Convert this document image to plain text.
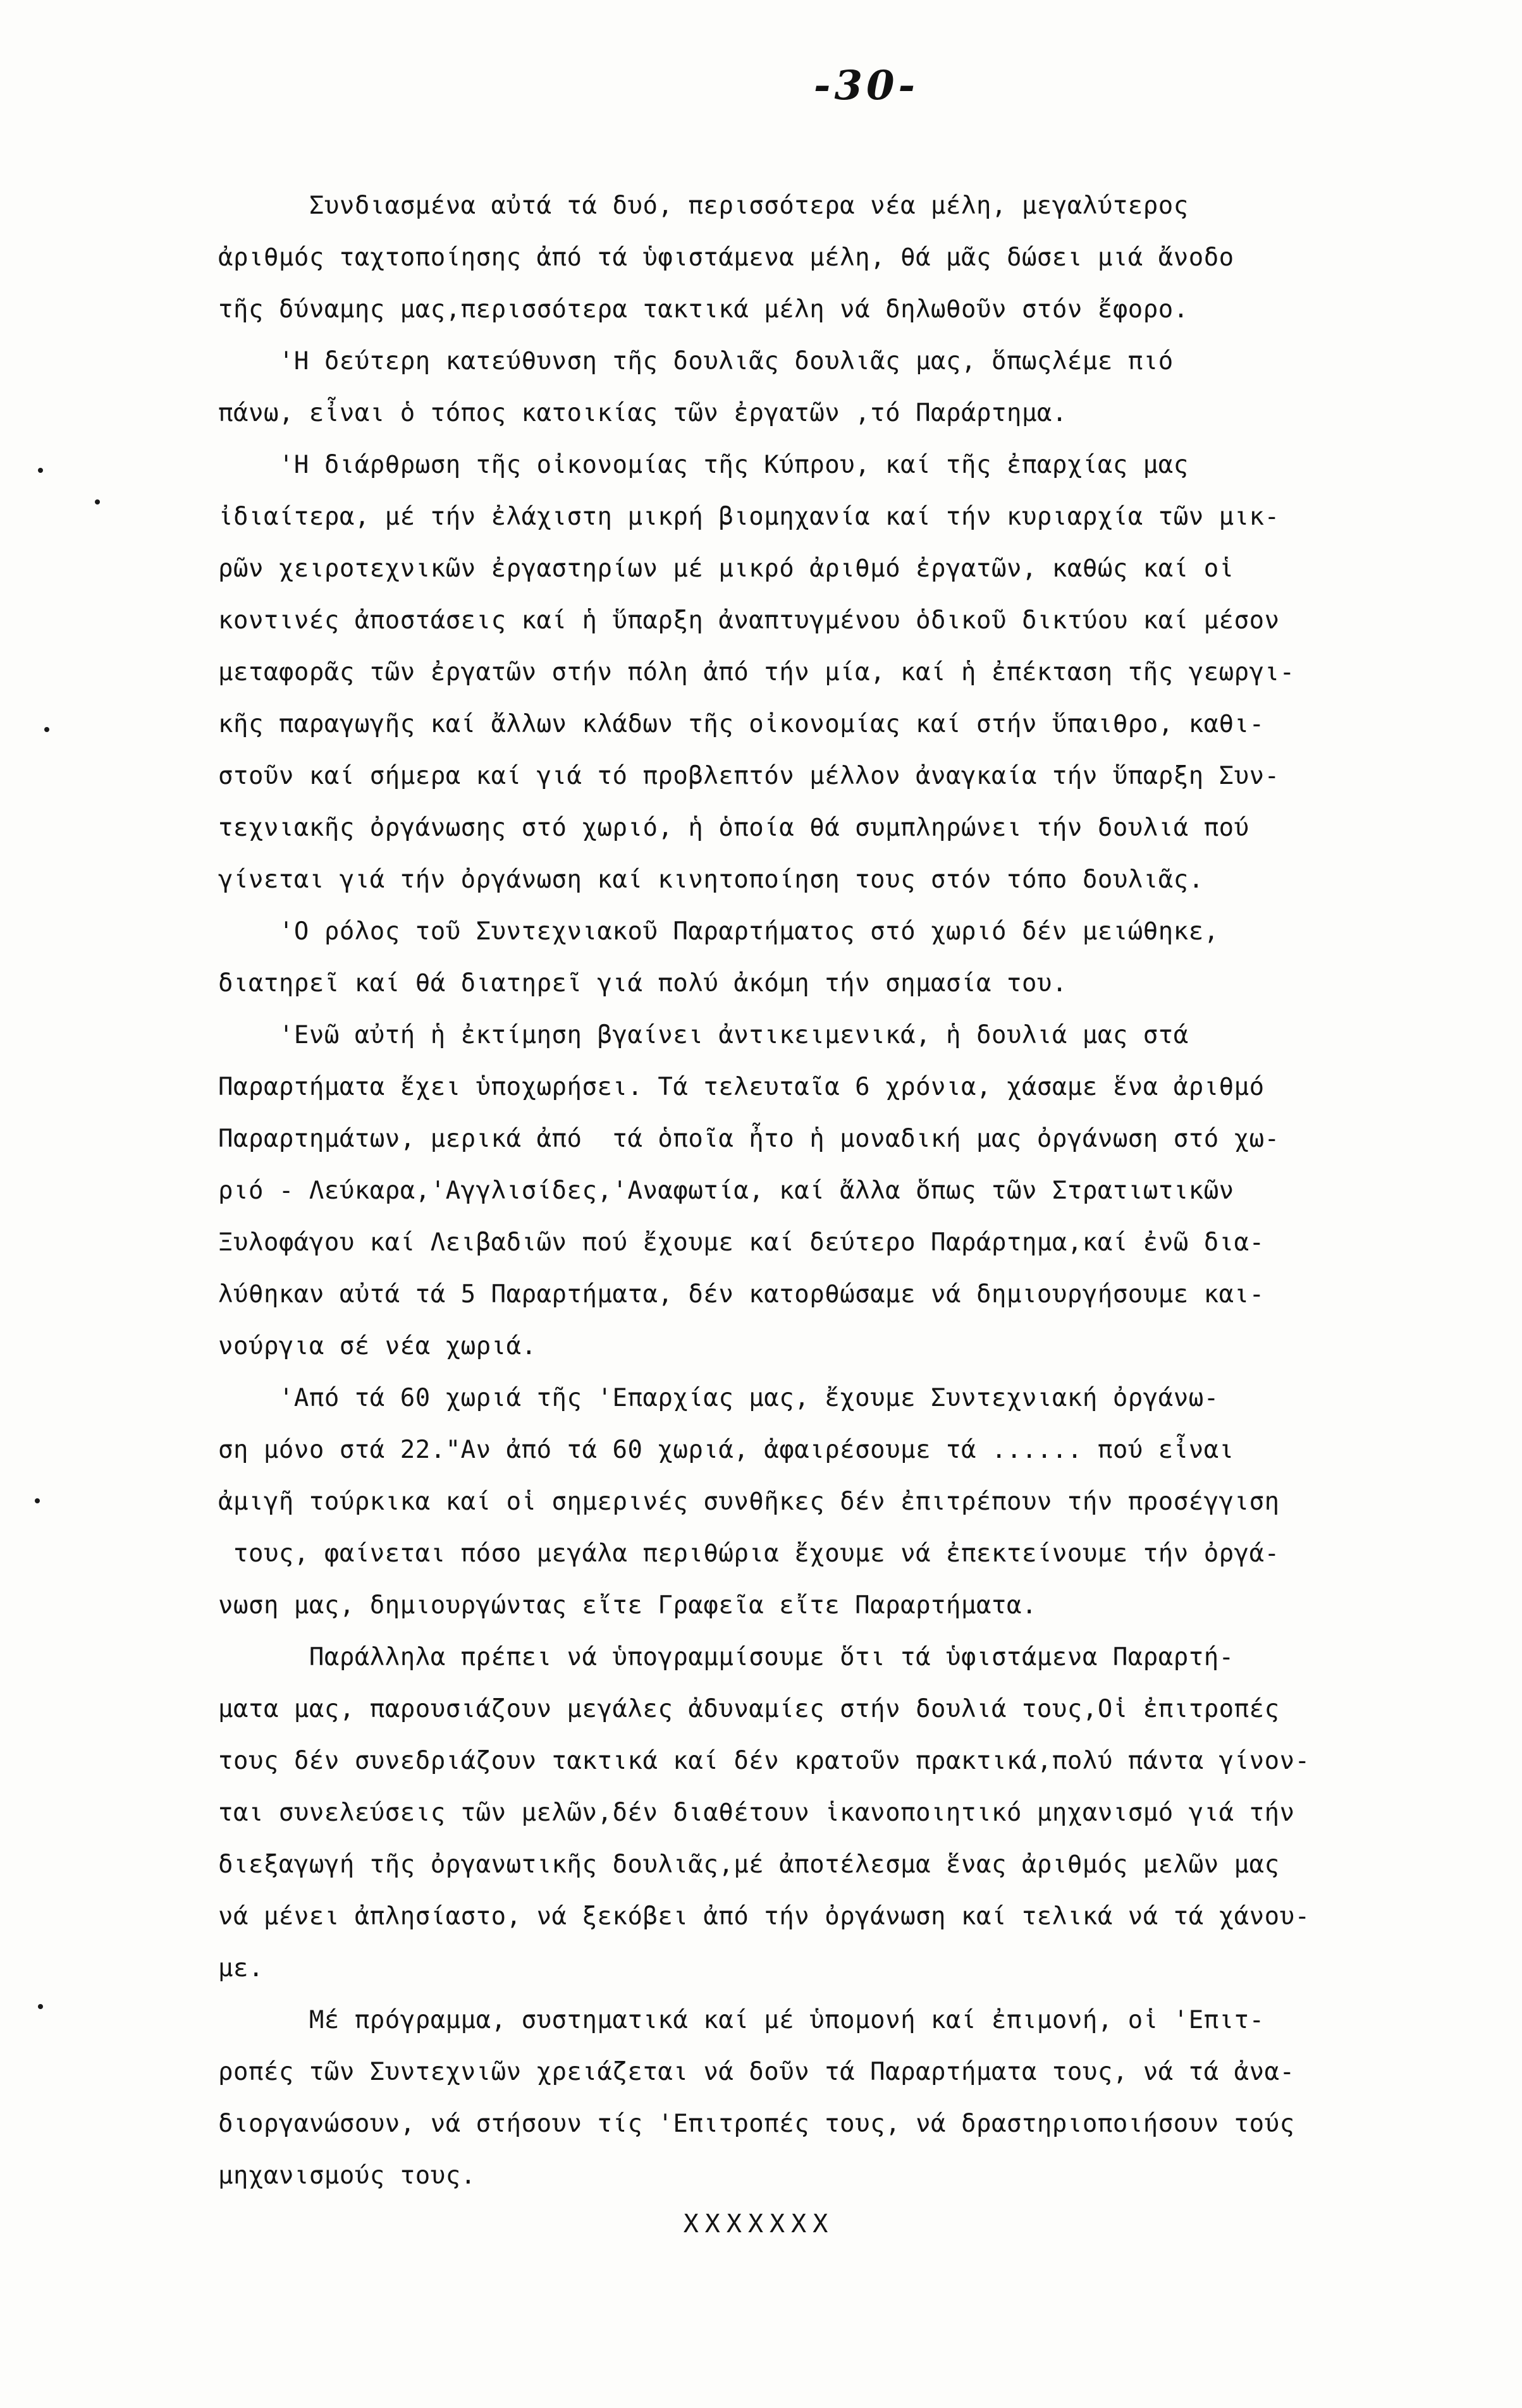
-30-
Συνδιασμένα αὐτά τά δυό, περισσότερα νέα μέλη, μεγαλύτερος
ἀριθμός ταχτοποίησης ἀπό τά ὑφιστάμενα μέλη, θά μᾶς δώσει μιά ἄνοδο
τῆς δύναμης μας,περισσότερα τακτικά μέλη νά δηλωθοῦν στόν ἔφορο.
'Η δεύτερη κατεύθυνση τῆς δουλιᾶς δουλιᾶς μας, ὅπωςλέμε πιό
πάνω, εἶναι ὁ τόπος κατοικίας τῶν ἐργατῶν ,τό Παράρτημα.
'Η διάρθρωση τῆς οἰκονομίας τῆς Κύπρου, καί τῆς ἐπαρχίας μας
ἰδιαίτερα, μέ τήν ἐλάχιστη μικρή βιομηχανία καί τήν κυριαρχία τῶν μικ-
ρῶν χειροτεχνικῶν ἐργαστηρίων μέ μικρό ἀριθμό ἐργατῶν, καθώς καί οἱ
κοντινές ἀποστάσεις καί ἡ ὕπαρξη ἀναπτυγμένου ὁδικοῦ δικτύου καί μέσον
μεταφορᾶς τῶν ἐργατῶν στήν πόλη ἀπό τήν μία, καί ἡ ἐπέκταση τῆς γεωργι-
κῆς παραγωγῆς καί ἄλλων κλάδων τῆς οἰκονομίας καί στήν ὕπαιθρο, καθι-
στοῦν καί σήμερα καί γιά τό προβλεπτόν μέλλον ἀναγκαία τήν ὕπαρξη Συν-
τεχνιακῆς ὀργάνωσης στό χωριό, ἡ ὁποία θά συμπληρώνει τήν δουλιά πού
γίνεται γιά τήν ὀργάνωση καί κινητοποίηση τους στόν τόπο δουλιᾶς.
'Ο ρόλος τοῦ Συντεχνιακοῦ Παραρτήματος στό χωριό δέν μειώθηκε,
διατηρεῖ καί θά διατηρεῖ γιά πολύ ἀκόμη τήν σημασία του.
'Ενῶ αὐτή ἡ ἐκτίμηση βγαίνει ἀντικειμενικά, ἡ δουλιά μας στά
Παραρτήματα ἔχει ὑποχωρήσει. Τά τελευταῖα 6 χρόνια, χάσαμε ἕνα ἀριθμό
Παραρτημάτων, μερικά ἀπό  τά ὁποῖα ἦτο ἡ μοναδική μας ὀργάνωση στό χω-
ριό - Λεύκαρα,'Αγγλισίδες,'Αναφωτία, καί ἄλλα ὅπως τῶν Στρατιωτικῶν
Ξυλοφάγου καί Λειβαδιῶν πού ἔχουμε καί δεύτερο Παράρτημα,καί ἐνῶ δια-
λύθηκαν αὐτά τά 5 Παραρτήματα, δέν κατορθώσαμε νά δημιουργήσουμε και-
νούργια σέ νέα χωριά.
'Από τά 60 χωριά τῆς 'Επαρχίας μας, ἔχουμε Συντεχνιακή ὀργάνω-
ση μόνο στά 22."Αν ἀπό τά 60 χωριά, ἀφαιρέσουμε τά ...... πού εἶναι
ἀμιγῆ τούρκικα καί οἱ σημερινές συνθῆκες δέν ἐπιτρέπουν τήν προσέγγιση
τους, φαίνεται πόσο μεγάλα περιθώρια ἔχουμε νά ἐπεκτείνουμε τήν ὀργά-
νωση μας, δημιουργώντας εἴτε Γραφεῖα εἴτε Παραρτήματα.
Παράλληλα πρέπει νά ὑπογραμμίσουμε ὅτι τά ὑφιστάμενα Παραρτή-
ματα μας, παρουσιάζουν μεγάλες ἀδυναμίες στήν δουλιά τους,Οἱ ἐπιτροπές
τους δέν συνεδριάζουν τακτικά καί δέν κρατοῦν πρακτικά,πολύ πάντα γίνον-
ται συνελεύσεις τῶν μελῶν,δέν διαθέτουν ἱκανοποιητικό μηχανισμό γιά τήν
διεξαγωγή τῆς ὀργανωτικῆς δουλιᾶς,μέ ἀποτέλεσμα ἕνας ἀριθμός μελῶν μας
νά μένει ἀπλησίαστο, νά ξεκόβει ἀπό τήν ὀργάνωση καί τελικά νά τά χάνου-
με.
Μέ πρόγραμμα, συστηματικά καί μέ ὑπομονή καί ἐπιμονή, οἱ 'Επιτ-
ροπές τῶν Συντεχνιῶν χρειάζεται νά δοῦν τά Παραρτήματα τους, νά τά ἀνα-
διοργανώσουν, νά στήσουν τίς 'Επιτροπές τους, νά δραστηριοποιήσουν τούς
μηχανισμούς τους.
XXXXXXX
